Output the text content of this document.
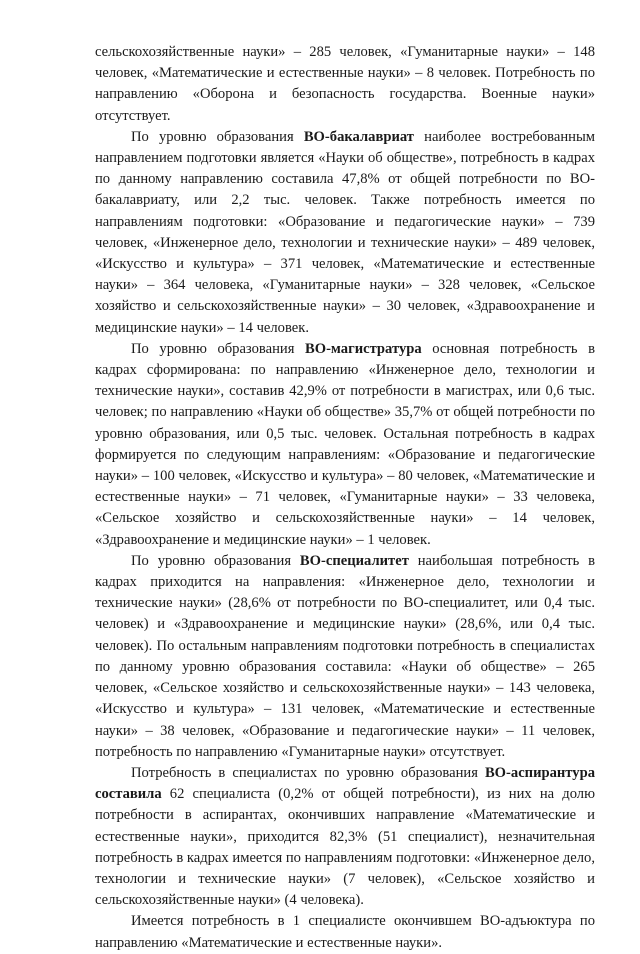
сельскохозяйственные науки» – 285 человек, «Гуманитарные науки» – 148 человек, «Математические и естественные науки» – 8 человек. Потребность по направлению «Оборона и безопасность государства. Военные науки» отсутствует.

По уровню образования ВО-бакалавриат наиболее востребованным направлением подготовки является «Науки об обществе», потребность в кадрах по данному направлению составила 47,8% от общей потребности по ВО-бакалавриату, или 2,2 тыс. человек. Также потребность имеется по направлениям подготовки: «Образование и педагогические науки» – 739 человек, «Инженерное дело, технологии и технические науки» – 489 человек, «Искусство и культура» – 371 человек, «Математические и естественные науки» – 364 человека, «Гуманитарные науки» – 328 человек, «Сельское хозяйство и сельскохозяйственные науки» – 30 человек, «Здравоохранение и медицинские науки» – 14 человек.

По уровню образования ВО-магистратура основная потребность в кадрах сформирована: по направлению «Инженерное дело, технологии и технические науки», составив 42,9% от потребности в магистрах, или 0,6 тыс. человек; по направлению «Науки об обществе» 35,7% от общей потребности по уровню образования, или 0,5 тыс. человек. Остальная потребность в кадрах формируется по следующим направлениям: «Образование и педагогические науки» – 100 человек, «Искусство и культура» – 80 человек, «Математические и естественные науки» – 71 человек, «Гуманитарные науки» – 33 человека, «Сельское хозяйство и сельскохозяйственные науки» – 14 человек, «Здравоохранение и медицинские науки» – 1 человек.

По уровню образования ВО-специалитет наибольшая потребность в кадрах приходится на направления: «Инженерное дело, технологии и технические науки» (28,6% от потребности по ВО-специалитет, или 0,4 тыс. человек) и «Здравоохранение и медицинские науки» (28,6%, или 0,4 тыс. человек). По остальным направлениям подготовки потребность в специалистах по данному уровню образования составила: «Науки об обществе» – 265 человек, «Сельское хозяйство и сельскохозяйственные науки» – 143 человека, «Искусство и культура» – 131 человек, «Математические и естественные науки» – 38 человек, «Образование и педагогические науки» – 11 человек, потребность по направлению «Гуманитарные науки» отсутствует.

Потребность в специалистах по уровню образования ВО-аспирантура составила 62 специалиста (0,2% от общей потребности), из них на долю потребности в аспирантах, окончивших направление «Математические и естественные науки», приходится 82,3% (51 специалист), незначительная потребность в кадрах имеется по направлениям подготовки: «Инженерное дело, технологии и технические науки» (7 человек), «Сельское хозяйство и сельскохозяйственные науки» (4 человека).

Имеется потребность в 1 специалисте окончившем ВО-адъюктура по направлению «Математические и естественные науки».
